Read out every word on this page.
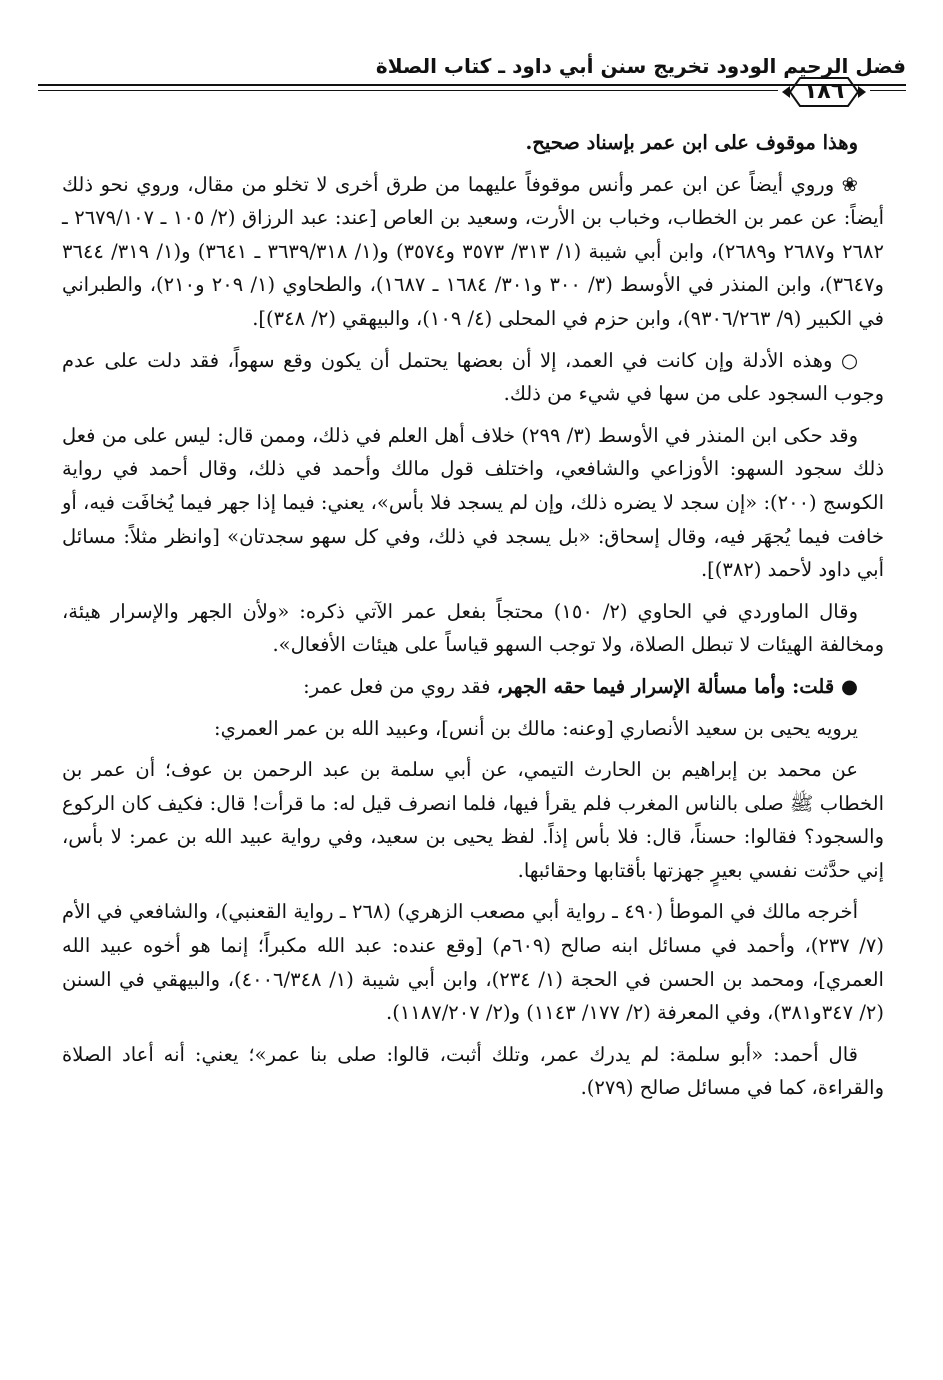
فضل الرحيم الودود تخريج سنن أبي داود ـ كتاب الصلاة
١٨٦

وهذا موقوف على ابن عمر بإسناد صحيح.

❀ وروي أيضاً عن ابن عمر وأنس موقوفاً عليهما من طرق أخرى لا تخلو من مقال، وروي نحو ذلك أيضاً: عن عمر بن الخطاب، وخباب بن الأرت، وسعيد بن العاص [عند: عبد الرزاق (٢/ ١٠٥ ـ ٢٦٧٩/١٠٧ ـ ٢٦٨٢ و٢٦٨٧ و٢٦٨٩)، وابن أبي شيبة (١/ ٣١٣/ ٣٥٧٣ و٣٥٧٤) و(١/ ٣٦٣٩/٣١٨ ـ ٣٦٤١) و(١/ ٣١٩/ ٣٦٤٤ و٣٦٤٧)، وابن المنذر في الأوسط (٣/ ٣٠٠ و٣٠١/ ١٦٨٤ ـ ١٦٨٧)، والطحاوي (١/ ٢٠٩ و٢١٠)، والطبراني في الكبير (٩/ ٩٣٠٦/٢٦٣)، وابن حزم في المحلى (٤/ ١٠٩)، والبيهقي (٢/ ٣٤٨)].

○ وهذه الأدلة وإن كانت في العمد، إلا أن بعضها يحتمل أن يكون وقع سهواً، فقد دلت على عدم وجوب السجود على من سها في شيء من ذلك.

وقد حكى ابن المنذر في الأوسط (٣/ ٢٩٩) خلاف أهل العلم في ذلك، وممن قال: ليس على من فعل ذلك سجود السهو: الأوزاعي والشافعي، واختلف قول مالك وأحمد في ذلك، وقال أحمد في رواية الكوسج (٢٠٠): «إن سجد لا يضره ذلك، وإن لم يسجد فلا بأس»، يعني: فيما إذا جهر فيما يُخافَت فيه، أو خافت فيما يُجهَر فيه، وقال إسحاق: «بل يسجد في ذلك، وفي كل سهو سجدتان» [وانظر مثلاً: مسائل أبي داود لأحمد (٣٨٢)].

وقال الماوردي في الحاوي (٢/ ١٥٠) محتجاً بفعل عمر الآتي ذكره: «ولأن الجهر والإسرار هيئة، ومخالفة الهيئات لا تبطل الصلاة، ولا توجب السهو قياساً على هيئات الأفعال».

● قلت: وأما مسألة الإسرار فيما حقه الجهر، فقد روي من فعل عمر:

يرويه يحيى بن سعيد الأنصاري [وعنه: مالك بن أنس]، وعبيد الله بن عمر العمري:

عن محمد بن إبراهيم بن الحارث التيمي، عن أبي سلمة بن عبد الرحمن بن عوف؛ أن عمر بن الخطاب ﷺ صلى بالناس المغرب فلم يقرأ فيها، فلما انصرف قيل له: ما قرأت! قال: فكيف كان الركوع والسجود؟ فقالوا: حسناً، قال: فلا بأس إذاً. لفظ يحيى بن سعيد، وفي رواية عبيد الله بن عمر: لا بأس، إني حدَّثت نفسي بعيرٍ جهزتها بأقتابها وحقائبها.

أخرجه مالك في الموطأ (٤٩٠ ـ رواية أبي مصعب الزهري) (٢٦٨ ـ رواية القعنبي)، والشافعي في الأم (٧/ ٢٣٧)، وأحمد في مسائل ابنه صالح (٦٠٩م) [وقع عنده: عبد الله مكبراً؛ إنما هو أخوه عبيد الله العمري]، ومحمد بن الحسن في الحجة (١/ ٢٣٤)، وابن أبي شيبة (١/ ٤٠٠٦/٣٤٨)، والبيهقي في السنن (٢/ ٣٤٧و٣٨١)، وفي المعرفة (٢/ ١٧٧/ ١١٤٣) و(٢/ ١١٨٧/٢٠٧).

قال أحمد: «أبو سلمة: لم يدرك عمر، وتلك أثبت، قالوا: صلى بنا عمر»؛ يعني: أنه أعاد الصلاة والقراءة، كما في مسائل صالح (٢٧٩).
